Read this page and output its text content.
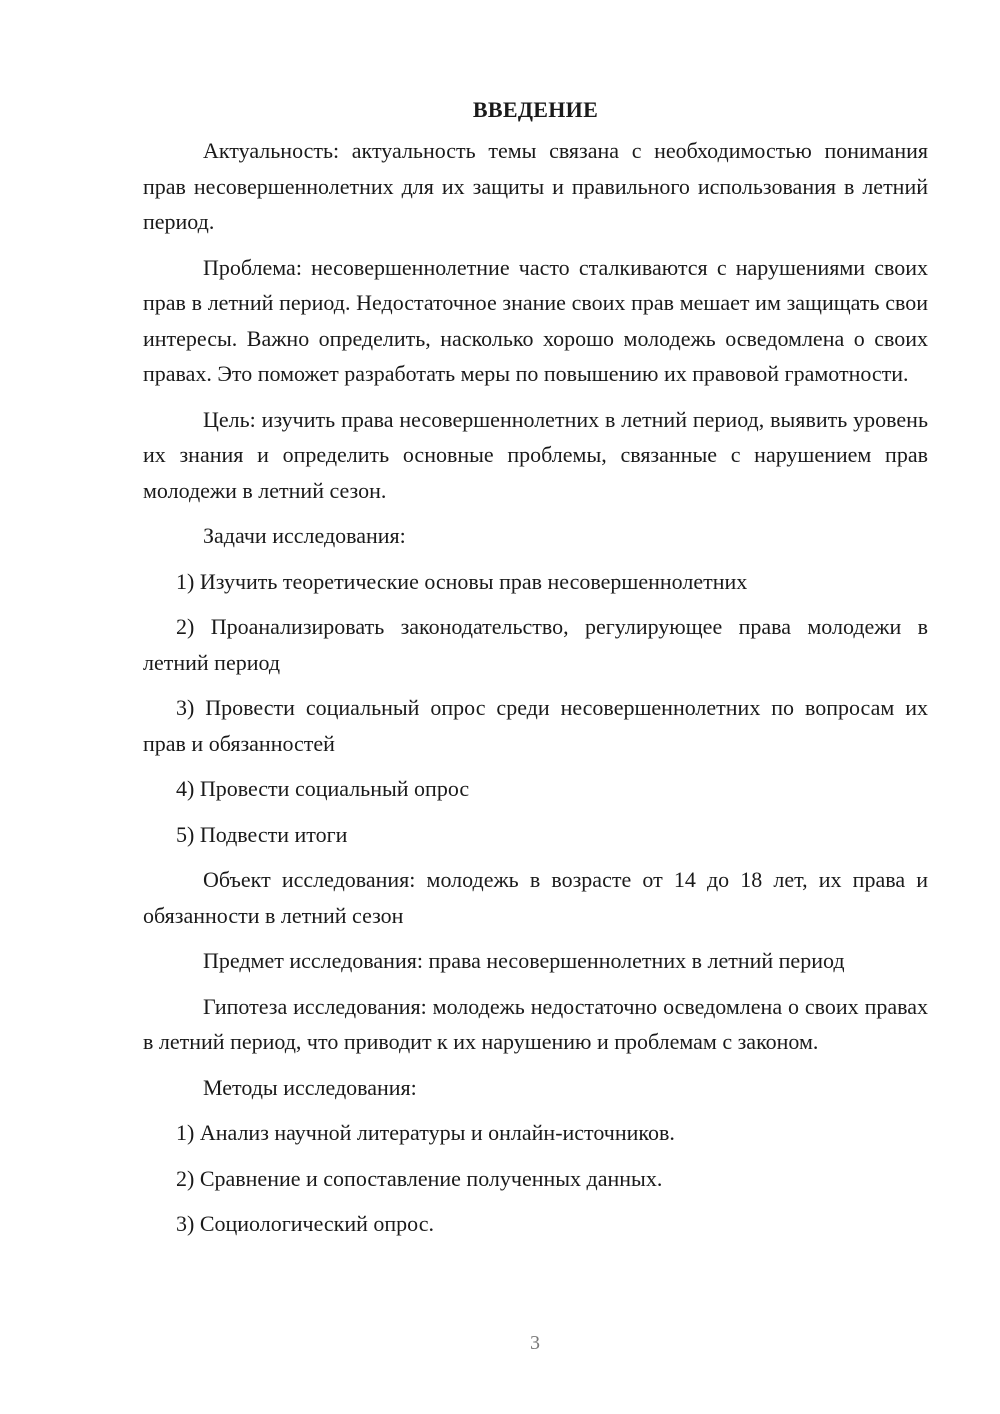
ВВЕДЕНИЕ

Актуальность: актуальность темы связана с необходимостью понимания прав несовершеннолетних для их защиты и правильного использования в летний период.

Проблема: несовершеннолетние часто сталкиваются с нарушениями своих прав в летний период. Недостаточное знание своих прав мешает им защищать свои интересы. Важно определить, насколько хорошо молодежь осведомлена о своих правах. Это поможет разработать меры по повышению их правовой грамотности.

Цель: изучить права несовершеннолетних в летний период, выявить уровень их знания и определить основные проблемы, связанные с нарушением прав молодежи в летний сезон.

Задачи исследования:

1) Изучить теоретические основы прав несовершеннолетних

2) Проанализировать законодательство, регулирующее права молодежи в летний период

3) Провести социальный опрос среди несовершеннолетних по вопросам их прав и обязанностей

4) Провести социальный опрос

5) Подвести итоги

Объект исследования: молодежь в возрасте от 14 до 18 лет, их права и обязанности в летний сезон

Предмет исследования: права несовершеннолетних в летний период

Гипотеза исследования: молодежь недостаточно осведомлена о своих правах в летний период, что приводит к их нарушению и проблемам с законом.

Методы исследования:

1) Анализ научной литературы и онлайн-источников.

2) Сравнение и сопоставление полученных данных.

3) Социологический опрос.

3
